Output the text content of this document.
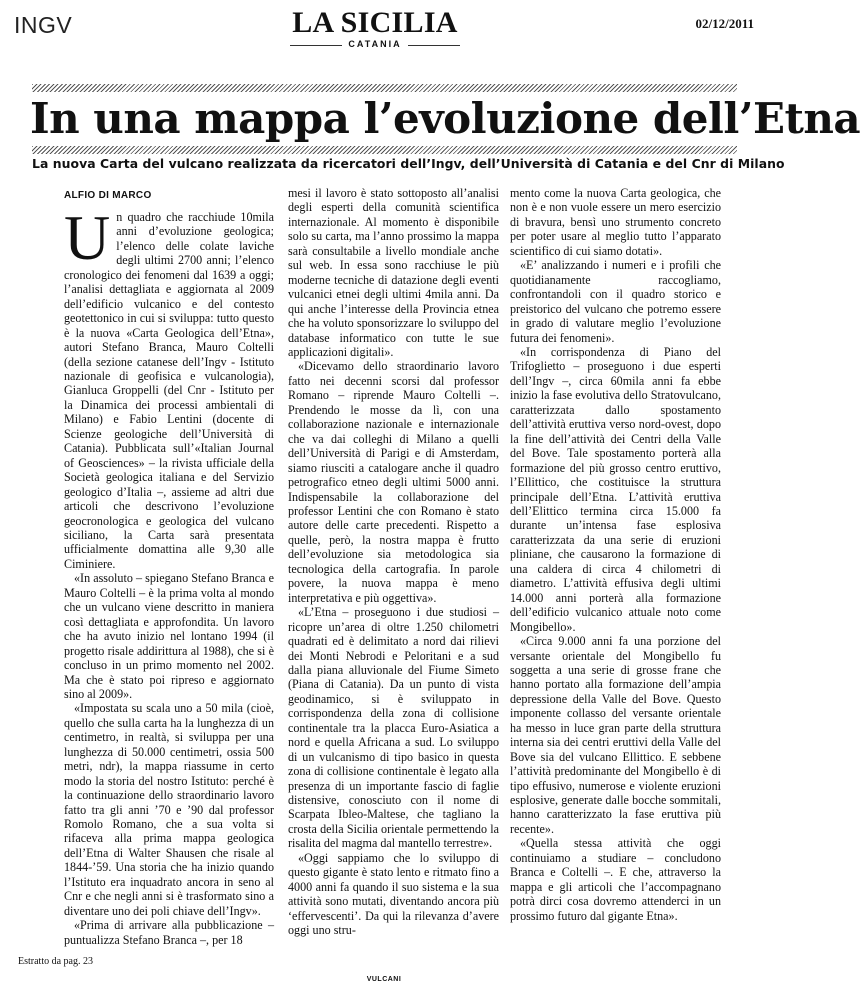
INGV	LA SICILIA
CATANIA
02/12/2011
In una mappa l’evoluzione dell’Etna
La nuova Carta del vulcano realizzata da ricercatori dell’Ingv, dell’Università di Catania e del Cnr di Milano
ALFIO DI MARCO

Un quadro che racchiude 10mila anni d’evoluzione geologica; l’elenco delle colate laviche degli ultimi 2700 anni; l’elenco cronologico dei fenomeni dal 1639 a oggi; l’analisi dettagliata e aggiornata al 2009 dell’edificio vulcanico e del contesto geotettonico in cui si sviluppa: tutto questo è la nuova «Carta Geologica dell’Etna», autori Stefano Branca, Mauro Coltelli (della sezione catanese dell’Ingv - Istituto nazionale di geofisica e vulcanologia), Gianluca Groppelli (del Cnr - Istituto per la Dinamica dei processi ambientali di Milano) e Fabio Lentini (docente di Scienze geologiche dell’Università di Catania). Pubblicata sull’«Italian Journal of Geosciences» – la rivista ufficiale della Società geologica italiana e del Servizio geologico d’Italia –, assieme ad altri due articoli che descrivono l’evoluzione geocronologica e geologica del vulcano siciliano, la Carta sarà presentata ufficialmente domattina alle 9,30 alle Ciminiere.

«In assoluto – spiegano Stefano Branca e Mauro Coltelli – è la prima volta al mondo che un vulcano viene descritto in maniera così dettagliata e approfondita. Un lavoro che ha avuto inizio nel lontano 1994 (il progetto risale addirittura al 1988), che si è concluso in un primo momento nel 2002. Ma che è stato poi ripreso e aggiornato sino al 2009».

«Impostata su scala uno a 50 mila (cioè, quello che sulla carta ha la lunghezza di un centimetro, in realtà, si sviluppa per una lunghezza di 50.000 centimetri, ossia 500 metri, ndr), la mappa riassume in certo modo la storia del nostro Istituto: perché è la continuazione dello straordinario lavoro fatto tra gli anni ’70 e ’90 dal professor Romolo Romano, che a sua volta si rifaceva alla prima mappa geologica dell’Etna di Walter Shausen che risale al 1844-’59. Una storia che ha inizio quando l’Istituto era inquadrato ancora in seno al Cnr e che negli anni si è trasformato sino a diventare uno dei poli chiave dell’Ingv».

«Prima di arrivare alla pubblicazione – puntualizza Stefano Branca –, per 18

mesi il lavoro è stato sottoposto all’analisi degli esperti della comunità scientifica internazionale. Al momento è disponibile solo su carta, ma l’anno prossimo la mappa sarà consultabile a livello mondiale anche sul web. In essa sono racchiuse le più moderne tecniche di datazione degli eventi vulcanici etnei degli ultimi 4mila anni. Da qui anche l’interesse della Provincia etnea che ha voluto sponsorizzare lo sviluppo del database informatico con tutte le sue applicazioni digitali».

«Dicevamo dello straordinario lavoro fatto nei decenni scorsi dal professor Romano – riprende Mauro Coltelli –. Prendendo le mosse da lì, con una collaborazione nazionale e internazionale che va dai colleghi di Milano a quelli dell’Università di Parigi e di Amsterdam, siamo riusciti a catalogare anche il quadro petrografico etneo degli ultimi 5000 anni. Indispensabile la collaborazione del professor Lentini che con Romano è stato autore delle carte precedenti. Rispetto a quelle, però, la nostra mappa è frutto dell’evoluzione sia metodologica sia tecnologica della cartografia. In parole povere, la nuova mappa è meno interpretativa e più oggettiva».

«L’Etna – proseguono i due studiosi – ricopre un’area di oltre 1.250 chilometri quadrati ed è delimitato a nord dai rilievi dei Monti Nebrodi e Peloritani e a sud dalla piana alluvionale del Fiume Simeto (Piana di Catania). Da un punto di vista geodinamico, si è sviluppato in corrispondenza della zona di collisione continentale tra la placca Euro-Asiatica a nord e quella Africana a sud. Lo sviluppo di un vulcanismo di tipo basico in questa zona di collisione continentale è legato alla presenza di un importante fascio di faglie distensive, conosciuto con il nome di Scarpata Ibleo-Maltese, che tagliano la crosta della Sicilia orientale permettendo la risalita del magma dal mantello terrestre».

«Oggi sappiamo che lo sviluppo di questo gigante è stato lento e ritmato fino a 4000 anni fa quando il suo sistema e la sua attività sono mutati, diventando ancora più ‘effervescenti’. Da qui la rilevanza d’avere oggi uno stru-

mento come la nuova Carta geologica, che non è e non vuole essere un mero esercizio di bravura, bensì uno strumento concreto per poter usare al meglio tutto l’apparato scientifico di cui siamo dotati».

«E’ analizzando i numeri e i profili che quotidianamente raccogliamo, confrontandoli con il quadro storico e preistorico del vulcano che potremo essere in grado di valutare meglio l’evoluzione futura dei fenomeni».

«In corrispondenza di Piano del Trifoglietto – proseguono i due esperti dell’Ingv –, circa 60mila anni fa ebbe inizio la fase evolutiva dello Stratovulcano, caratterizzata dallo spostamento dell’attività eruttiva verso nord-ovest, dopo la fine dell’attività dei Centri della Valle del Bove. Tale spostamento porterà alla formazione del più grosso centro eruttivo, l’Ellittico, che costituisce la struttura principale dell’Etna. L’attività eruttiva dell’Elittico termina circa 15.000 fa durante un’intensa fase esplosiva caratterizzata da una serie di eruzioni pliniane, che causarono la formazione di una caldera di circa 4 chilometri di diametro. L’attività effusiva degli ultimi 14.000 anni porterà alla formazione dell’edificio vulcanico attuale noto come Mongibello».

«Circa 9.000 anni fa una porzione del versante orientale del Mongibello fu soggetta a una serie di grosse frane che hanno portato alla formazione dell’ampia depressione della Valle del Bove. Questo imponente collasso del versante orientale ha messo in luce gran parte della struttura interna sia dei centri eruttivi della Valle del Bove sia del vulcano Ellittico. E sebbene l’attività predominante del Mongibello è di tipo effusivo, numerose e violente eruzioni esplosive, generate dalle bocche sommitali, hanno caratterizzato la fase eruttiva più recente».

«Quella stessa attività che oggi continuiamo a studiare – concludono Branca e Coltelli –. E che, attraverso la mappa e gli articoli che l’accompagnano potrà dirci cosa dovremo attenderci in un prossimo futuro dal gigante Etna».

Estratto da pag. 23
VULCANI
